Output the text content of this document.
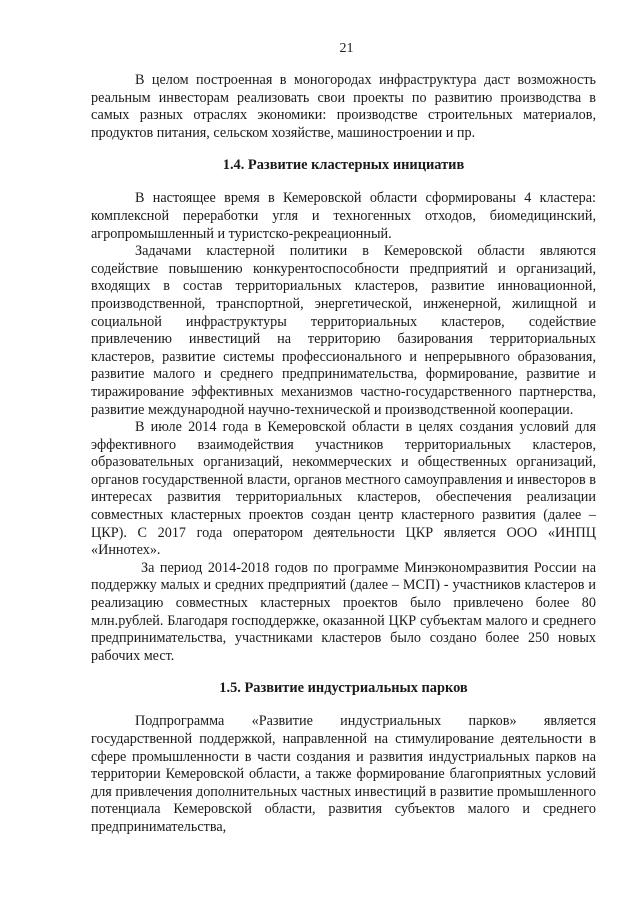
21

В целом построенная в моногородах инфраструктура даст возможность реальным инвесторам реализовать свои проекты по развитию производства в самых разных отраслях экономики: производстве строительных материалов, продуктов питания, сельском хозяйстве, машиностроении и пр.

1.4. Развитие кластерных инициатив

В настоящее время в Кемеровской области сформированы 4 кластера: комплексной переработки угля и техногенных отходов, биомедицинский, агропромышленный и туристско-рекреационный.

Задачами кластерной политики в Кемеровской области являются содействие повышению конкурентоспособности предприятий и организаций, входящих в состав территориальных кластеров, развитие инновационной, производственной, транспортной, энергетической, инженерной, жилищной и социальной инфраструктуры территориальных кластеров, содействие привлечению инвестиций на территорию базирования территориальных кластеров, развитие системы профессионального и непрерывного образования, развитие малого и среднего предпринимательства, формирование, развитие и тиражирование эффективных механизмов частно-государственного партнерства, развитие международной научно-технической и производственной кооперации.

В июле 2014 года в Кемеровской области в целях создания условий для эффективного взаимодействия участников территориальных кластеров, образовательных организаций, некоммерческих и общественных организаций, органов государственной власти, органов местного самоуправления и инвесторов в интересах развития территориальных кластеров, обеспечения реализации совместных кластерных проектов создан центр кластерного развития (далее – ЦКР). С 2017 года оператором деятельности ЦКР является ООО «ИНПЦ «Иннотех».

За период 2014-2018 годов по программе Минэкономразвития России на поддержку малых и средних предприятий (далее – МСП) - участников кластеров и реализацию совместных кластерных проектов было привлечено более 80 млн.рублей. Благодаря господдержке, оказанной ЦКР субъектам малого и среднего предпринимательства, участниками кластеров было создано более 250 новых рабочих мест.

1.5. Развитие индустриальных парков

Подпрограмма «Развитие индустриальных парков» является государственной поддержкой, направленной на стимулирование деятельности в сфере промышленности в части создания и развития индустриальных парков на территории Кемеровской области, а также формирование благоприятных условий для привлечения дополнительных частных инвестиций в развитие промышленного потенциала Кемеровской области, развития субъектов малого и среднего предпринимательства,
